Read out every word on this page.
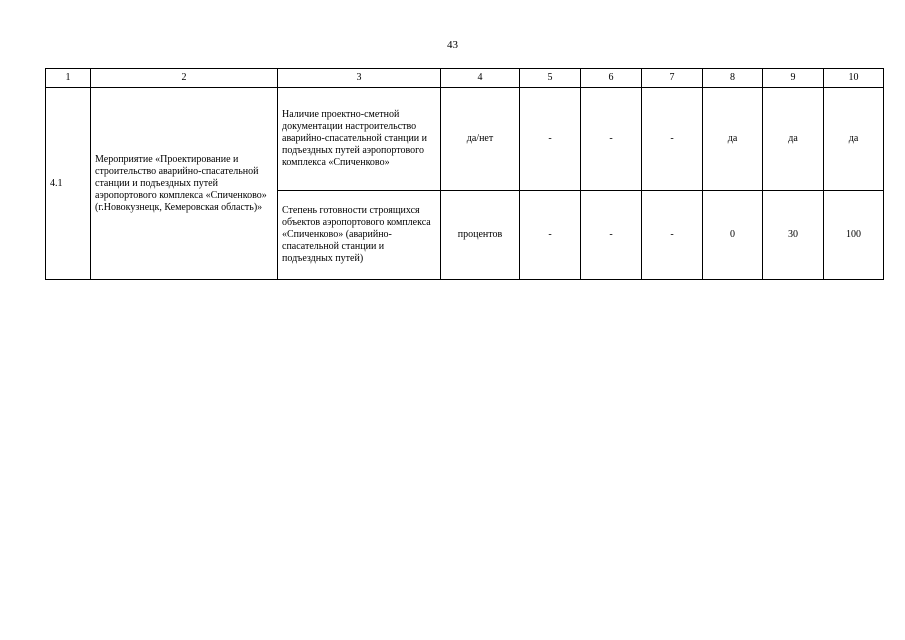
43
1	2	3	4	5	6	7	8	9	10
4.1	Мероприятие «Проектирование и строительство аварийно-спасательной станции и подъездных путей аэропортового комплекса «Спиченково» (г.Новокузнецк, Кемеровская область)»	Наличие проектно-сметной документации настроительство аварийно-спасательной станции и подъездных путей аэропортового комплекса «Спиченково»	да/нет	-	-	-	да	да	да
		Степень готовности строящихся объектов аэропортового комплекса «Спиченково» (аварийно-спасательной станции и подъездных путей)	процентов	-	-	-	0	30	100
